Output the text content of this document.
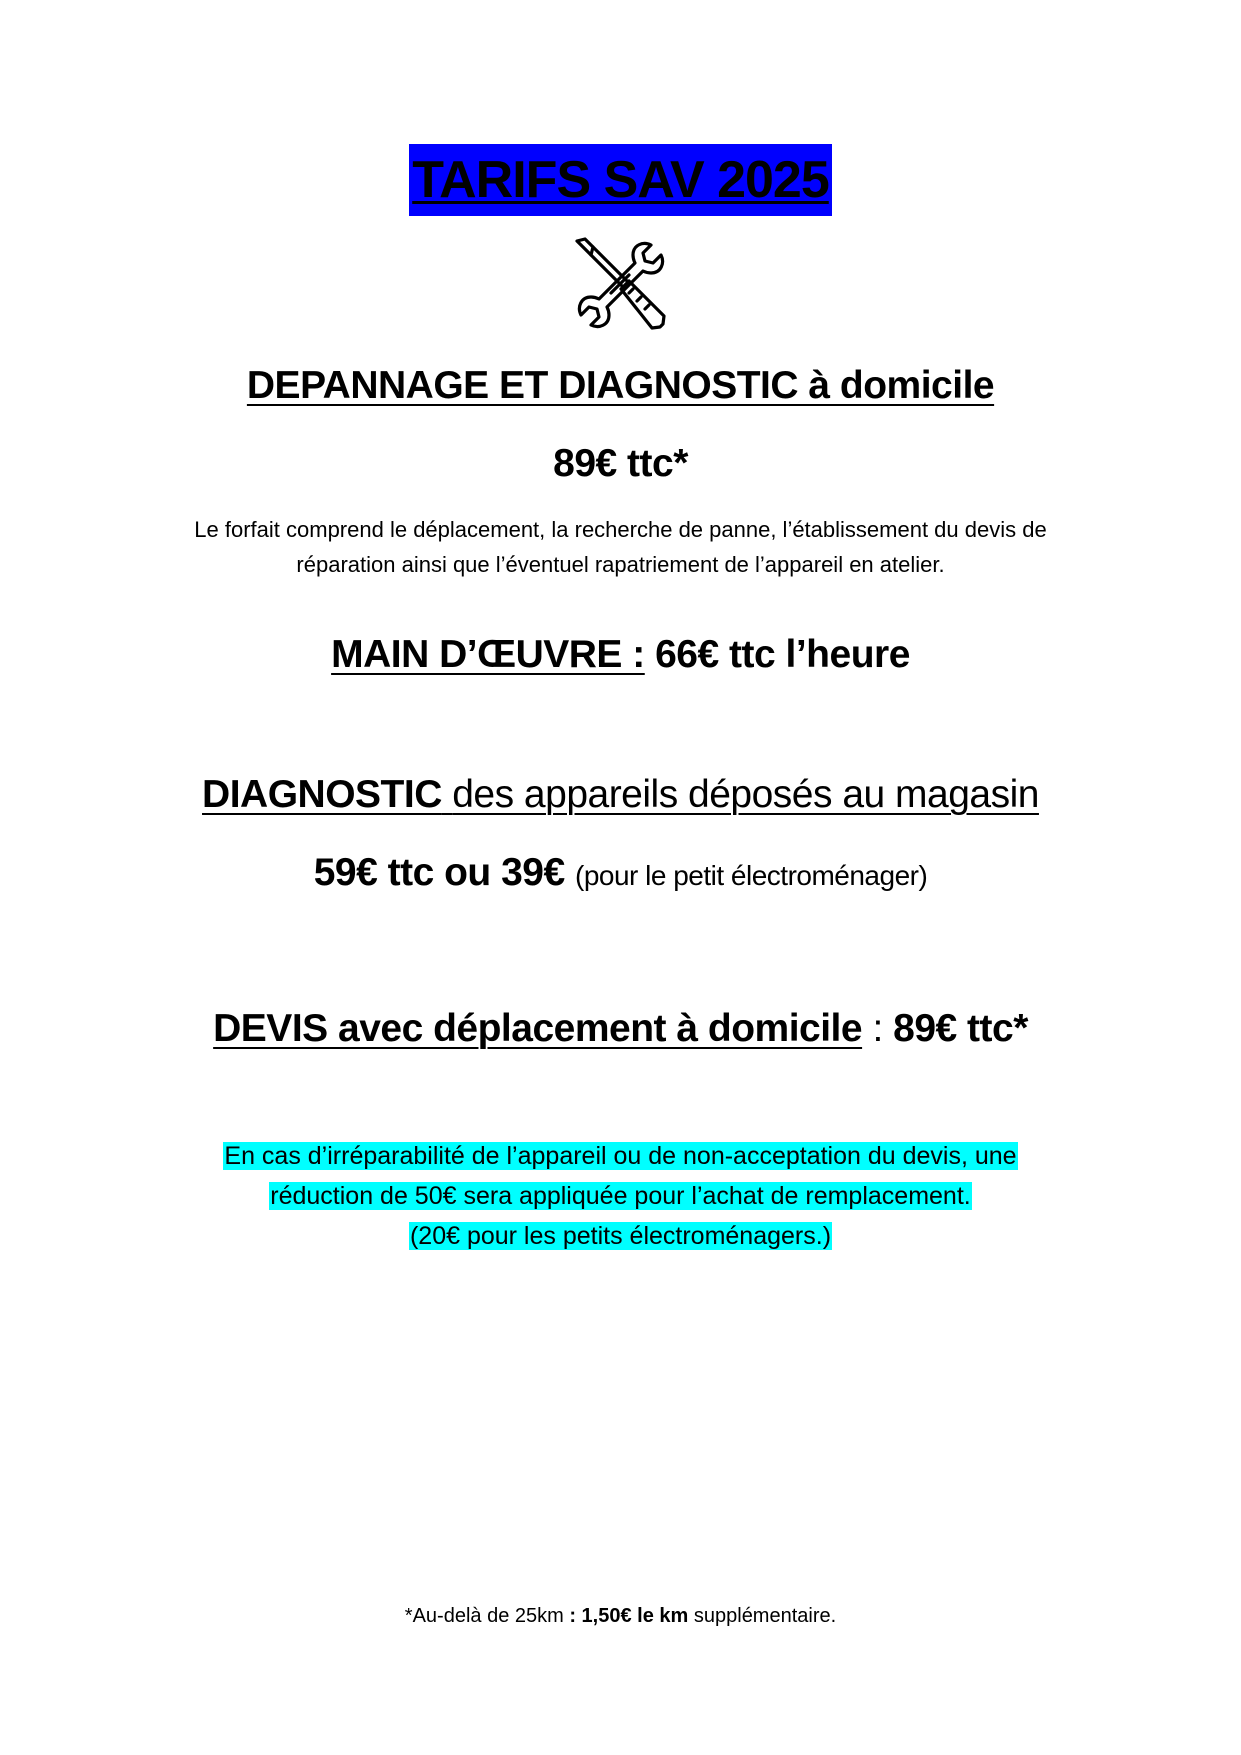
TARIFS SAV 2025
DEPANNAGE ET DIAGNOSTIC à domicile
89€ ttc*
Le forfait comprend le déplacement, la recherche de panne, l’établissement du devis de
réparation ainsi que l’éventuel rapatriement de l’appareil en atelier.
MAIN D’ŒUVRE : 66€ ttc l’heure
DIAGNOSTIC des appareils déposés au magasin
59€ ttc ou 39€ (pour le petit électroménager)
DEVIS avec déplacement à domicile : 89€ ttc*
En cas d’irréparabilité de l’appareil ou de non-acceptation du devis, une
réduction de 50€ sera appliquée pour l’achat de remplacement.
(20€ pour les petits électroménagers.)
*Au-delà de 25km : 1,50€ le km supplémentaire.
